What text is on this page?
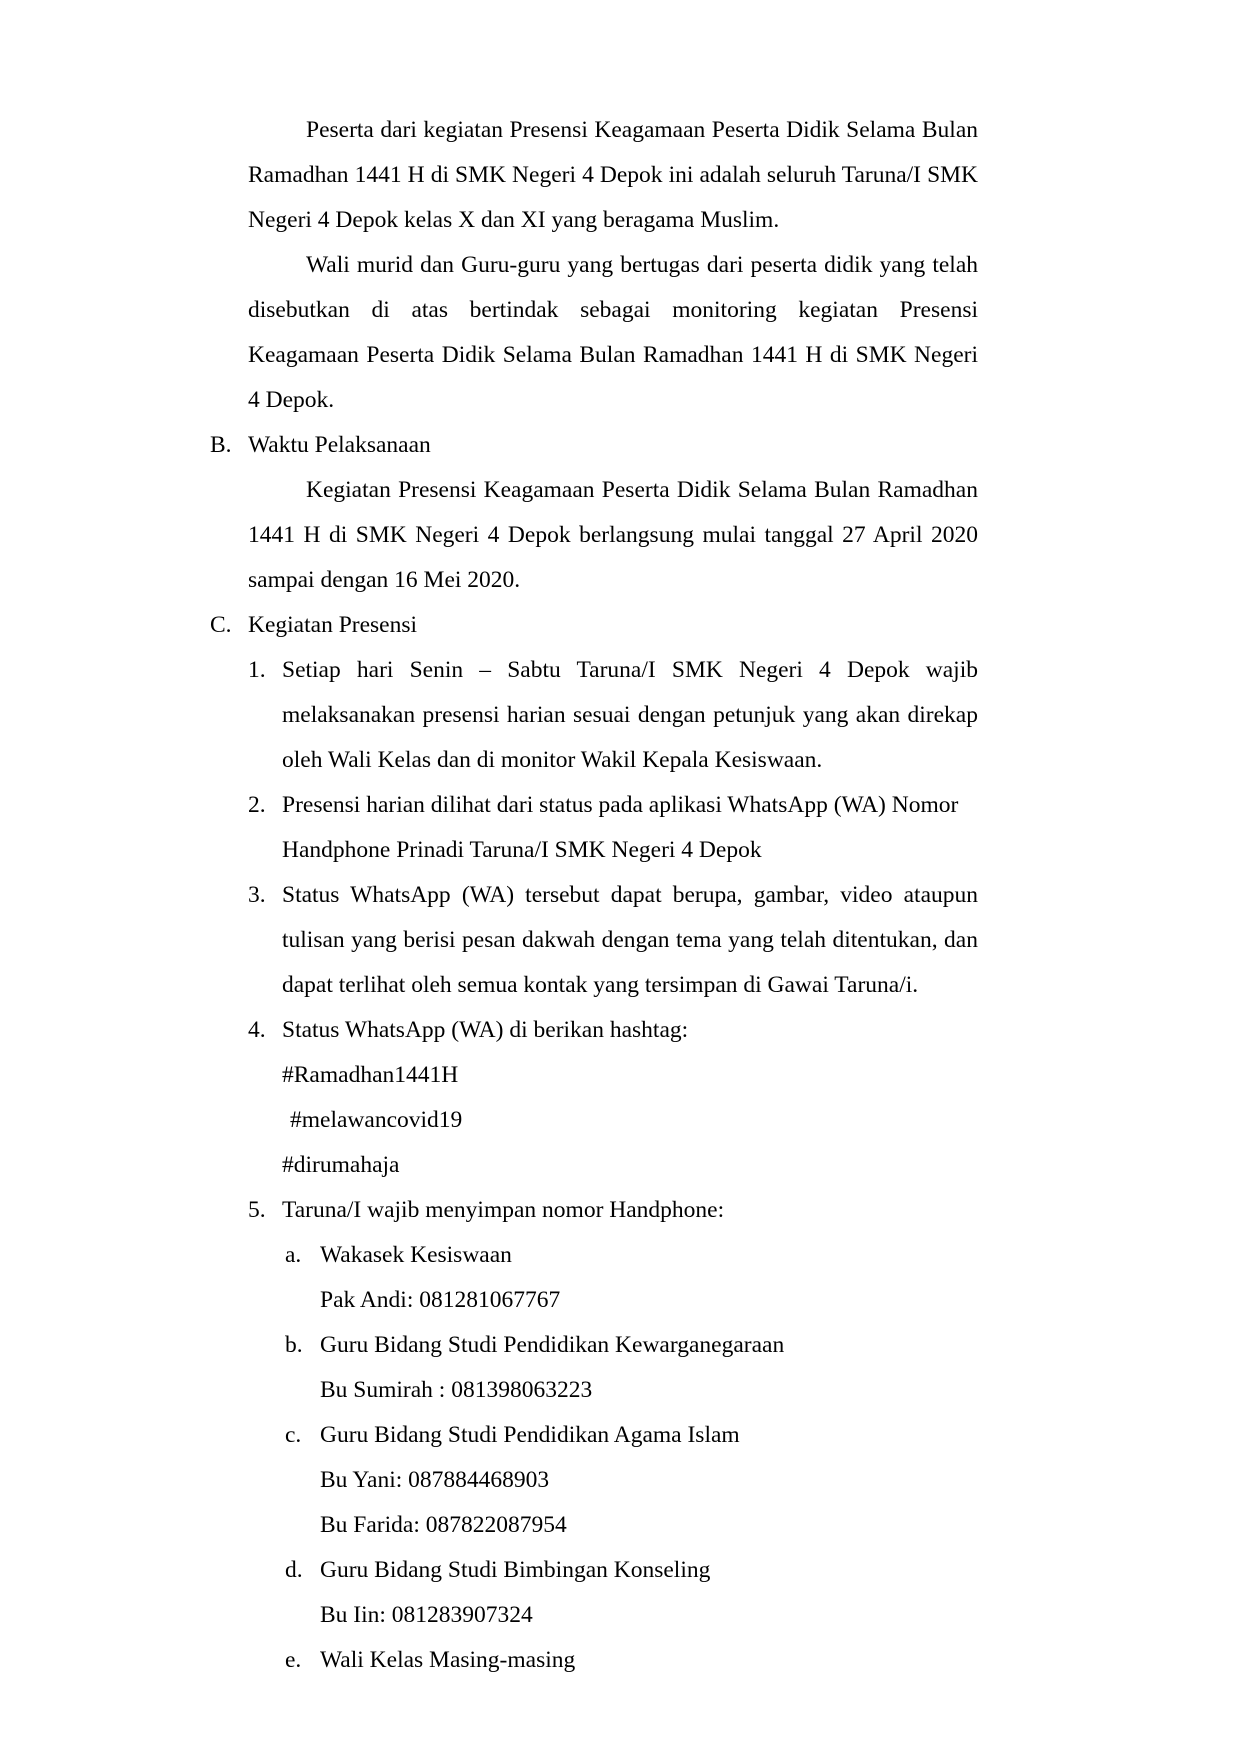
Peserta dari kegiatan Presensi Keagamaan Peserta Didik Selama Bulan Ramadhan 1441 H di SMK Negeri 4 Depok ini adalah seluruh Taruna/I SMK Negeri 4 Depok kelas X dan XI yang beragama Muslim.

Wali murid dan Guru-guru yang bertugas dari peserta didik yang telah disebutkan di atas bertindak sebagai monitoring kegiatan Presensi Keagamaan Peserta Didik Selama Bulan Ramadhan 1441 H di SMK Negeri 4 Depok.

B. Waktu Pelaksanaan

Kegiatan Presensi Keagamaan Peserta Didik Selama Bulan Ramadhan 1441 H di SMK Negeri 4 Depok berlangsung mulai tanggal 27 April 2020 sampai dengan 16 Mei 2020.

C. Kegiatan Presensi
1. Setiap hari Senin – Sabtu Taruna/I SMK Negeri 4 Depok wajib melaksanakan presensi harian sesuai dengan petunjuk yang akan direkap oleh Wali Kelas dan di monitor Wakil Kepala Kesiswaan.
2. Presensi harian dilihat dari status pada aplikasi WhatsApp (WA) Nomor
Handphone Prinadi Taruna/I SMK Negeri 4 Depok
3. Status WhatsApp (WA) tersebut dapat berupa, gambar, video ataupun tulisan yang berisi pesan dakwah dengan tema yang telah ditentukan, dan dapat terlihat oleh semua kontak yang tersimpan di Gawai Taruna/i.
4. Status WhatsApp (WA) di berikan hashtag:
#Ramadhan1441H
#melawancovid19
#dirumahaja
5. Taruna/I wajib menyimpan nomor Handphone:
a. Wakasek Kesiswaan
Pak Andi: 081281067767
b. Guru Bidang Studi Pendidikan Kewarganegaraan
Bu Sumirah : 081398063223
c. Guru Bidang Studi Pendidikan Agama Islam
Bu Yani: 087884468903
Bu Farida: 087822087954
d. Guru Bidang Studi Bimbingan Konseling
Bu Iin: 081283907324
e. Wali Kelas Masing-masing
